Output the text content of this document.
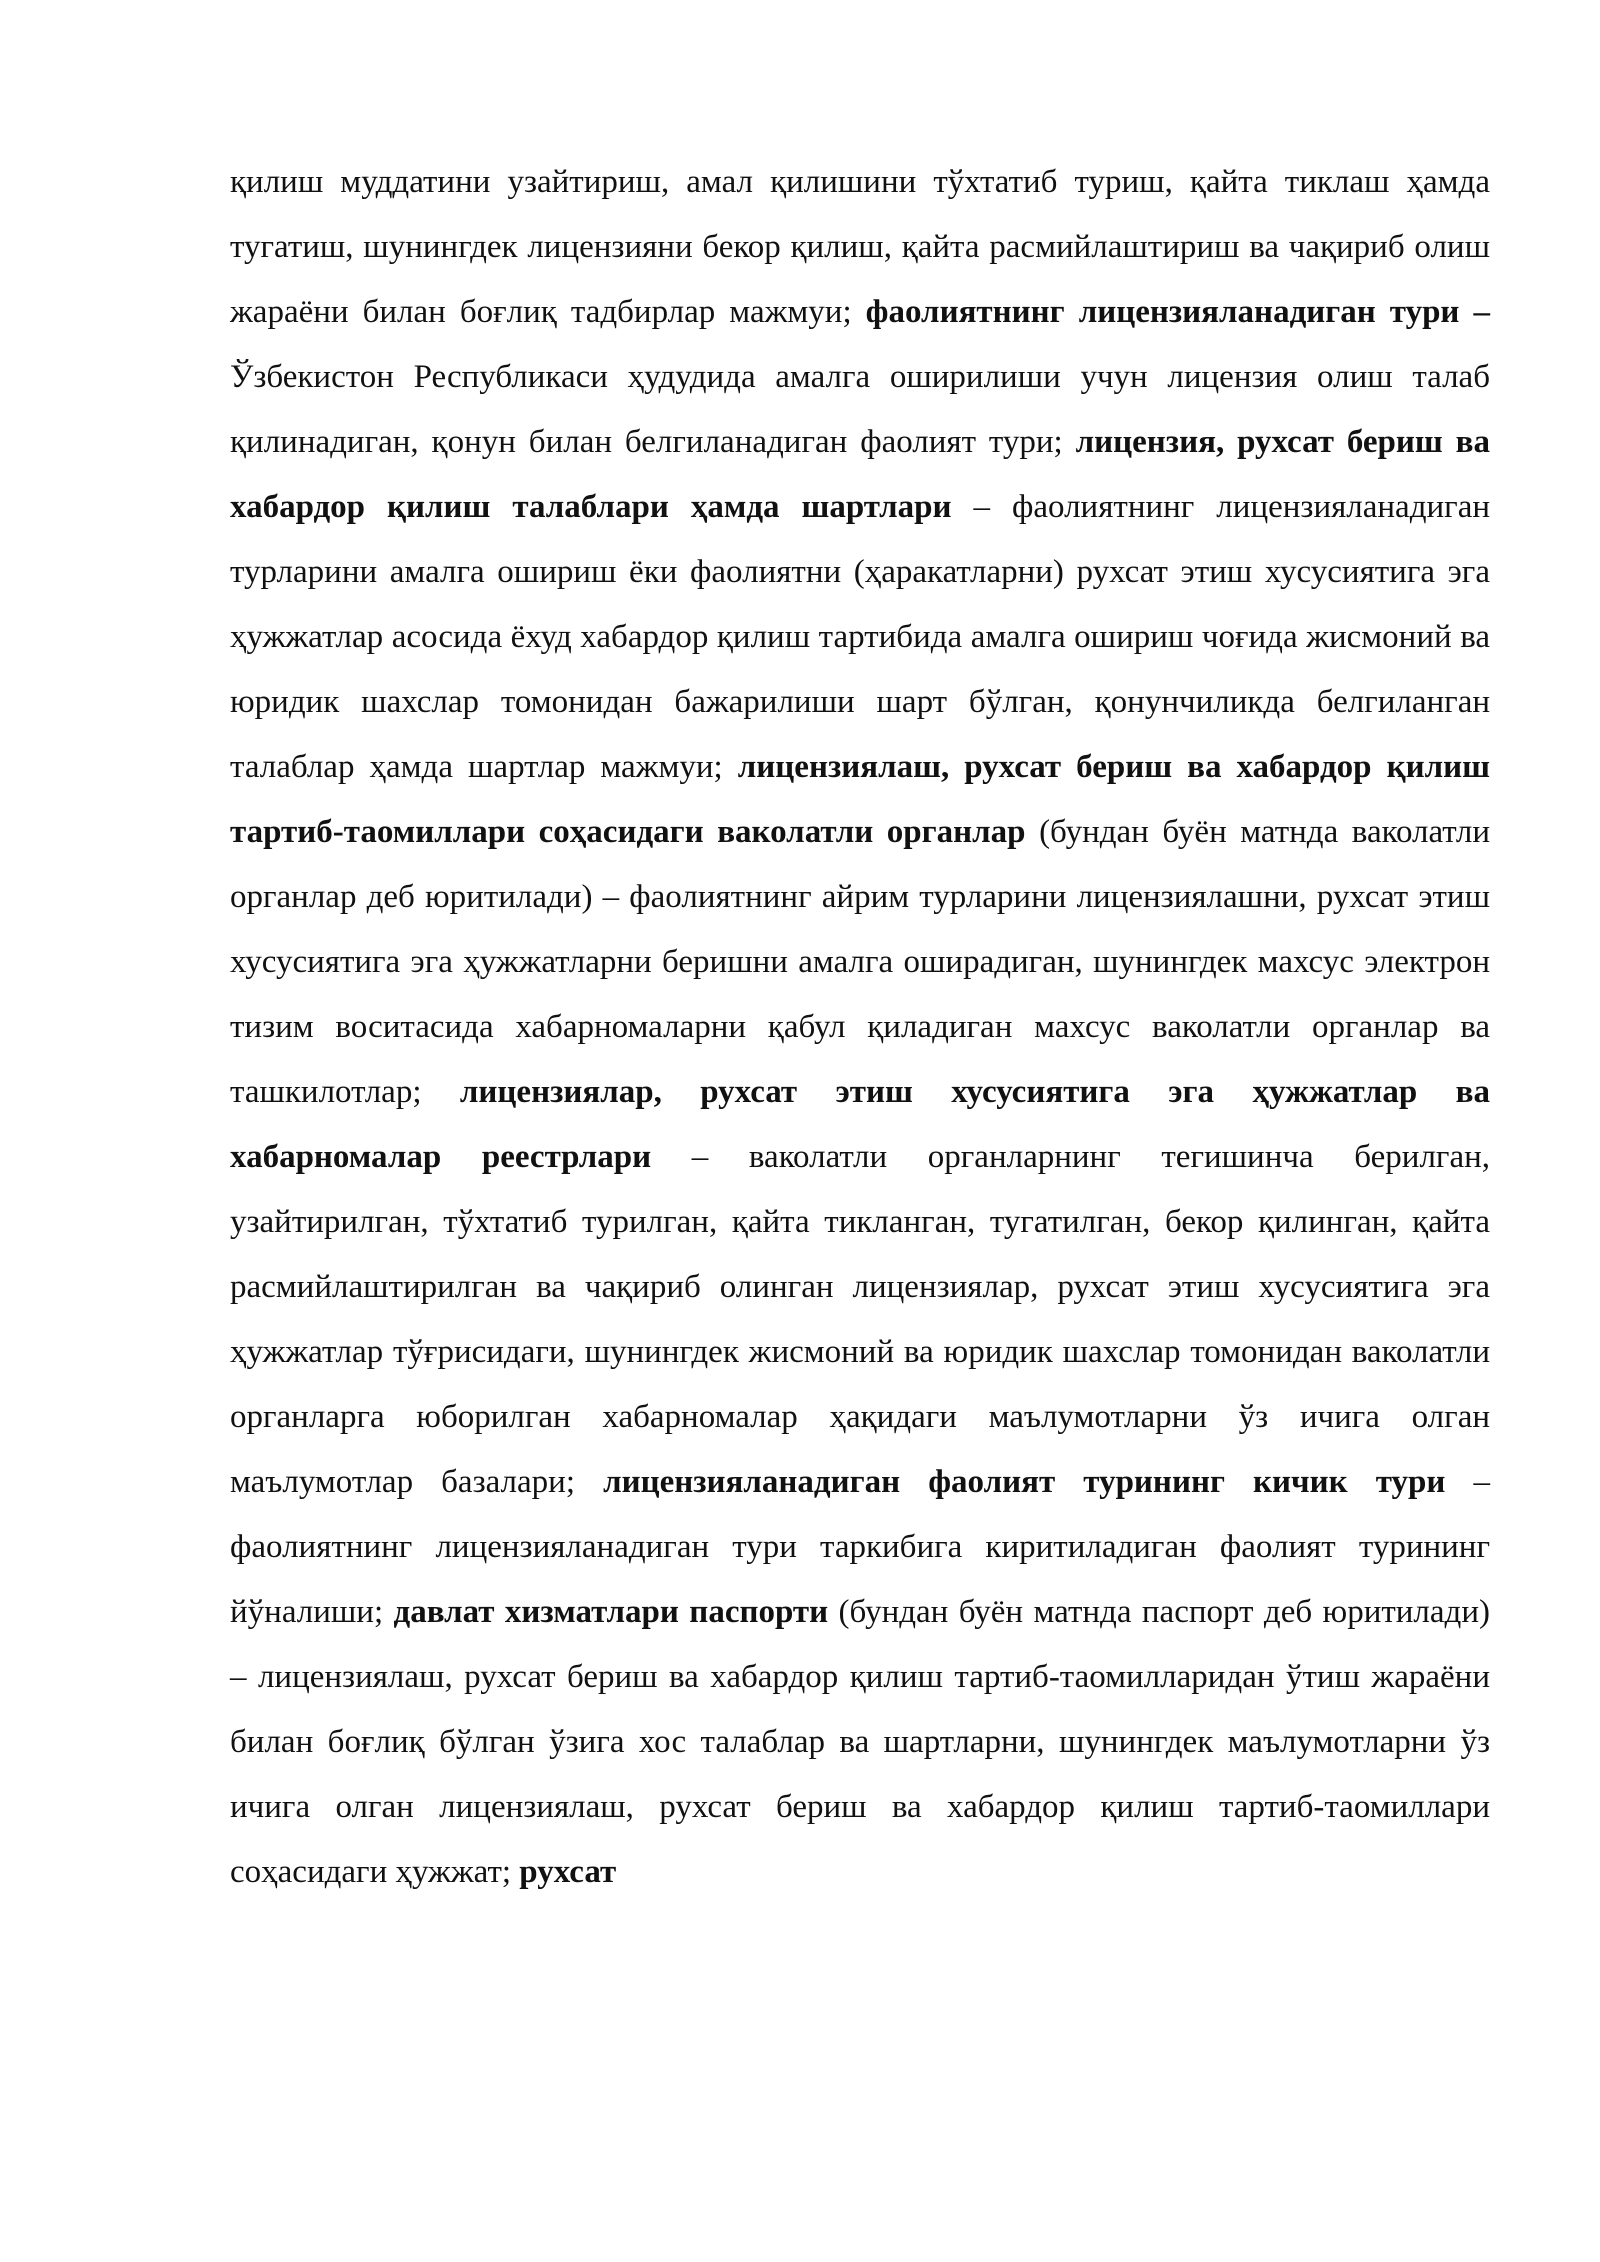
қилиш муддатини узайтириш, амал қилишини тўхтатиб туриш, қайта тиклаш ҳамда тугатиш, шунингдек лицензияни бекор қилиш, қайта расмийлаштириш ва чақириб олиш жараёни билан боғлиқ тадбирлар мажмуи; фаолиятнинг лицензияланадиган тури – Ўзбекистон Республикаси ҳудудида амалга оширилиши учун лицензия олиш талаб қилинадиган, қонун билан белгиланадиган фаолият тури; лицензия, рухсат бериш ва хабардор қилиш талаблари ҳамда шартлари – фаолиятнинг лицензияланадиган турларини амалга ошириш ёки фаолиятни (ҳаракатларни) рухсат этиш хусусиятига эга ҳужжатлар асосида ёхуд хабардор қилиш тартибида амалга ошириш чоғида жисмоний ва юридик шахслар томонидан бажарилиши шарт бўлган, қонунчиликда белгиланган талаблар ҳамда шартлар мажмуи; лицензиялаш, рухсат бериш ва хабардор қилиш тартиб-таомиллари соҳасидаги ваколатли органлар (бундан буён матнда ваколатли органлар деб юритилади) – фаолиятнинг айрим турларини лицензиялашни, рухсат этиш хусусиятига эга ҳужжатларни беришни амалга оширадиган, шунингдек махсус электрон тизим воситасида хабарномаларни қабул қиладиган махсус ваколатли органлар ва ташкилотлар; лицензиялар, рухсат этиш хусусиятига эга ҳужжатлар ва хабарномалар реестрлари – ваколатли органларнинг тегишинча берилган, узайтирилган, тўхтатиб турилган, қайта тикланган, тугатилган, бекор қилинган, қайта расмийлаштирилган ва чақириб олинган лицензиялар, рухсат этиш хусусиятига эга ҳужжатлар тўғрисидаги, шунингдек жисмоний ва юридик шахслар томонидан ваколатли органларга юборилган хабарномалар ҳақидаги маълумотларни ўз ичига олган маълумотлар базалари; лицензияланадиган фаолият турининг кичик тури – фаолиятнинг лицензияланадиган тури таркибига киритиладиган фаолият турининг йўналиши; давлат хизматлари паспорти (бундан буён матнда паспорт деб юритилади) – лицензиялаш, рухсат бериш ва хабардор қилиш тартиб-таомилларидан ўтиш жараёни билан боғлиқ бўлган ўзига хос талаблар ва шартларни, шунингдек маълумотларни ўз ичига олган лицензиялаш, рухсат бериш ва хабардор қилиш тартиб-таомиллари соҳасидаги ҳужжат; рухсат
